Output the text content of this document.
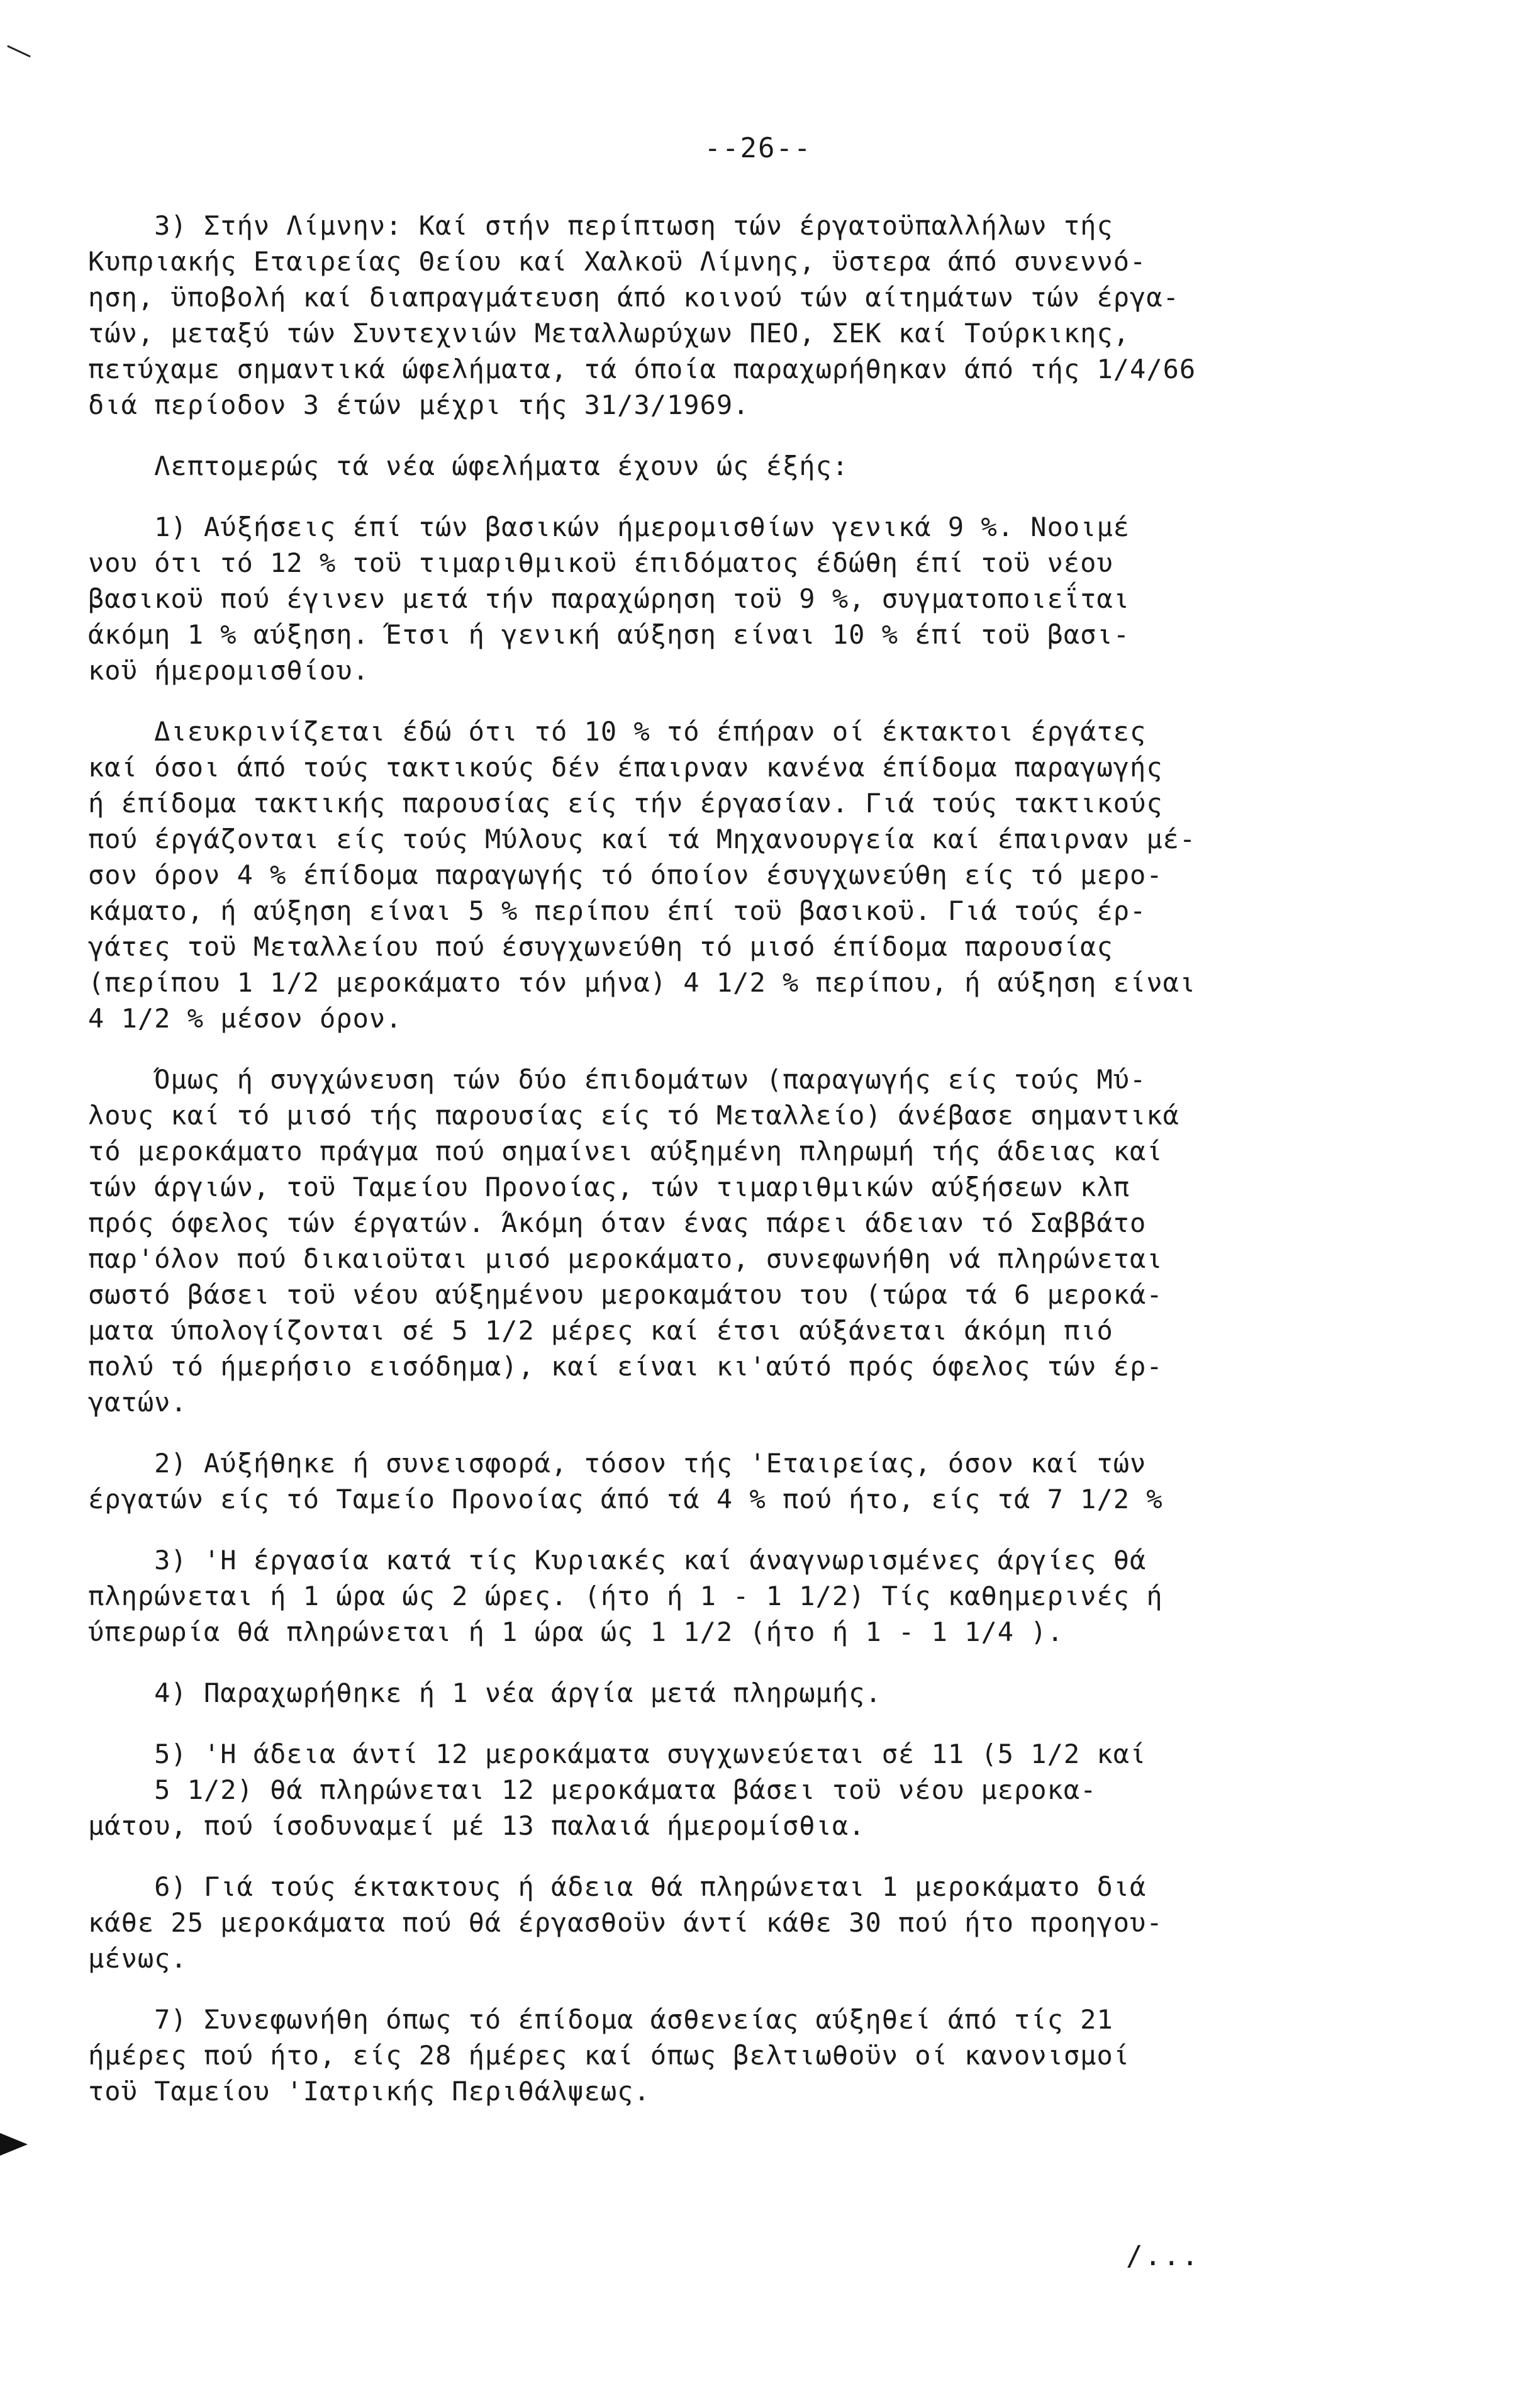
--26--
3) Στήν Λίμνην: Καί στήν περίπτωση τών έργατοϋπαλλήλων τής
Κυπριακής Εταιρείας Θείου καί Χαλκοϋ Λίμνης, ϋστερα άπό συνεννό-
ηση, ϋποβολή καί διαπραγμάτευση άπό κοινού τών αίτημάτων τών έργα-
τών, μεταξύ τών Συντεχνιών Μεταλλωρύχων ΠΕΟ, ΣΕΚ καί Τούρκικης,
πετύχαμε σημαντικά ώφελήματα, τά όποία παραχωρήθηκαν άπό τής 1/4/66
διά περίοδον 3 έτών μέχρι τής 31/3/1969.
Λεπτομερώς τά νέα ώφελήματα έχουν ώς έξής:
1) Αύξήσεις έπί τών βασικών ήμερομισθίων γενικά 9 %. Νοοιμέ
νου ότι τό 12 % τοϋ τιμαριθμικοϋ έπιδόματος έδώθη έπί τοϋ νέου
βασικοϋ πού έγινεν μετά τήν παραχώρηση τοϋ 9 %, συγματοποιεΐται
άκόμη 1 % αύξηση. Έτσι ή γενική αύξηση είναι 10 % έπί τοϋ βασι-
κοϋ ήμερομισθίου.
Διευκρινίζεται έδώ ότι τό 10 % τό έπήραν οί έκτακτοι έργάτες
καί όσοι άπό τούς τακτικούς δέν έπαιρναν κανένα έπίδομα παραγωγής
ή έπίδομα τακτικής παρουσίας είς τήν έργασίαν. Γιά τούς τακτικούς
πού έργάζονται είς τούς Μύλους καί τά Μηχανουργεία καί έπαιρναν μέ-
σον όρον 4 % έπίδομα παραγωγής τό όποίον έσυγχωνεύθη είς τό μερο-
κάματο, ή αύξηση είναι 5 % περίπου έπί τοϋ βασικοϋ. Γιά τούς έρ-
γάτες τοϋ Μεταλλείου πού έσυγχωνεύθη τό μισό έπίδομα παρουσίας
(περίπου 1 1/2 μεροκάματο τόν μήνα) 4 1/2 % περίπου, ή αύξηση είναι
4 1/2 % μέσον όρον.
Όμως ή συγχώνευση τών δύο έπιδομάτων (παραγωγής είς τούς Μύ-
λους καί τό μισό τής παρουσίας είς τό Μεταλλείο) άνέβασε σημαντικά
τό μεροκάματο πράγμα πού σημαίνει αύξημένη πληρωμή τής άδειας καί
τών άργιών, τοϋ Ταμείου Προνοίας, τών τιμαριθμικών αύξήσεων κλπ
πρός όφελος τών έργατών. Άκόμη όταν ένας πάρει άδειαν τό Σαββάτο
παρ'όλον πού δικαιοϋται μισό μεροκάματο, συνεφωνήθη νά πληρώνεται
σωστό βάσει τοϋ νέου αύξημένου μεροκαμάτου του (τώρα τά 6 μεροκά-
ματα ύπολογίζονται σέ 5 1/2 μέρες καί έτσι αύξάνεται άκόμη πιό
πολύ τό ήμερήσιο εισόδημα), καί είναι κι'αύτό πρός όφελος τών έρ-
γατών.
2) Αύξήθηκε ή συνεισφορά, τόσον τής 'Εταιρείας, όσον καί τών
έργατών είς τό Ταμείο Προνοίας άπό τά 4 % πού ήτο, είς τά 7 1/2 %
3) 'Η έργασία κατά τίς Κυριακές καί άναγνωρισμένες άργίες θά
πληρώνεται ή 1 ώρα ώς 2 ώρες. (ήτο ή 1 - 1 1/2) Τίς καθημερινές ή
ύπερωρία θά πληρώνεται ή 1 ώρα ώς 1 1/2 (ήτο ή 1 - 1 1/4 ).
4) Παραχωρήθηκε ή 1 νέα άργία μετά πληρωμής.
5) 'Η άδεια άντί 12 μεροκάματα συγχωνεύεται σέ 11 (5 1/2 καί
5 1/2) θά πληρώνεται 12 μεροκάματα βάσει τοϋ νέου μεροκα-
μάτου, πού ίσοδυναμεί μέ 13 παλαιά ήμερομίσθια.
6) Γιά τούς έκτακτους ή άδεια θά πληρώνεται 1 μεροκάματο διά
κάθε 25 μεροκάματα πού θά έργασθοϋν άντί κάθε 30 πού ήτο προηγου-
μένως.
7) Συνεφωνήθη όπως τό έπίδομα άσθενείας αύξηθεί άπό τίς 21
ήμέρες πού ήτο, είς 28 ήμέρες καί όπως βελτιωθοϋν οί κανονισμοί
τοϋ Ταμείου 'Ιατρικής Περιθάλψεως.
/...
